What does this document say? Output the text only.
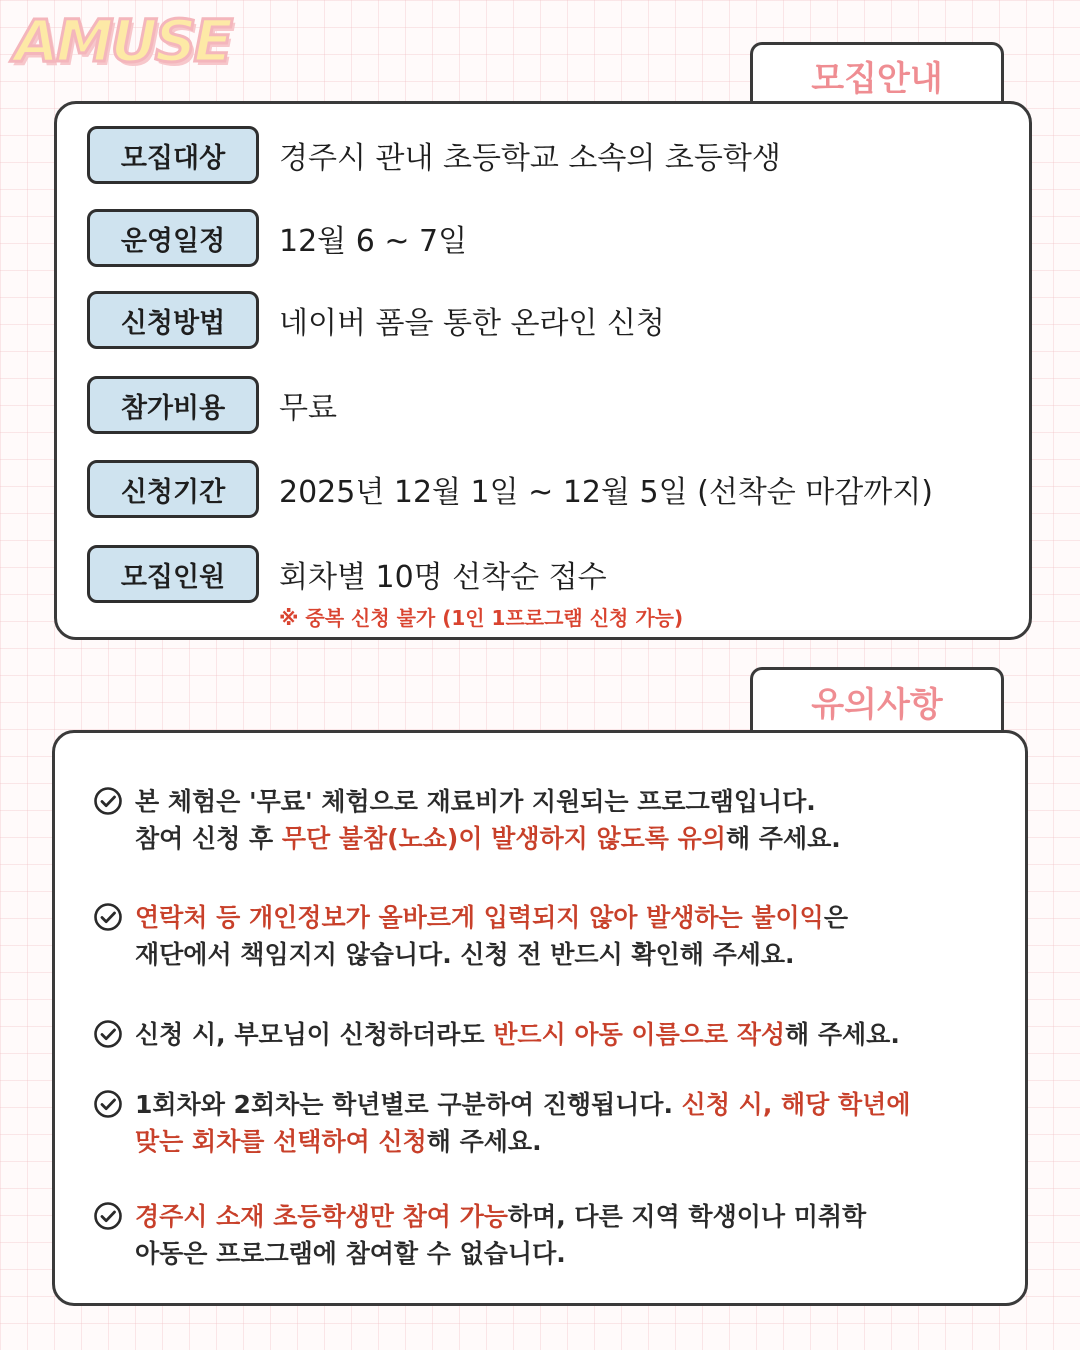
AMUSE
모집안내
모집대상	경주시 관내 초등학교 소속의 초등학생
운영일정	12월 6 ~ 7일
신청방법	네이버 폼을 통한 온라인 신청
참가비용	무료
신청기간	2025년 12월 1일 ~ 12월 5일 (선착순 마감까지)
모집인원	회차별 10명 선착순 접수
※ 중복 신청 불가 (1인 1프로그램 신청 가능)
유의사항
본 체험은 '무료' 체험으로 재료비가 지원되는 프로그램입니다.
참여 신청 후 무단 불참(노쇼)이 발생하지 않도록 유의해 주세요.
연락처 등 개인정보가 올바르게 입력되지 않아 발생하는 불이익은
재단에서 책임지지 않습니다. 신청 전 반드시 확인해 주세요.
신청 시, 부모님이 신청하더라도 반드시 아동 이름으로 작성해 주세요.
1회차와 2회차는 학년별로 구분하여 진행됩니다. 신청 시, 해당 학년에
맞는 회차를 선택하여 신청해 주세요.
경주시 소재 초등학생만 참여 가능하며, 다른 지역 학생이나 미취학
아동은 프로그램에 참여할 수 없습니다.
